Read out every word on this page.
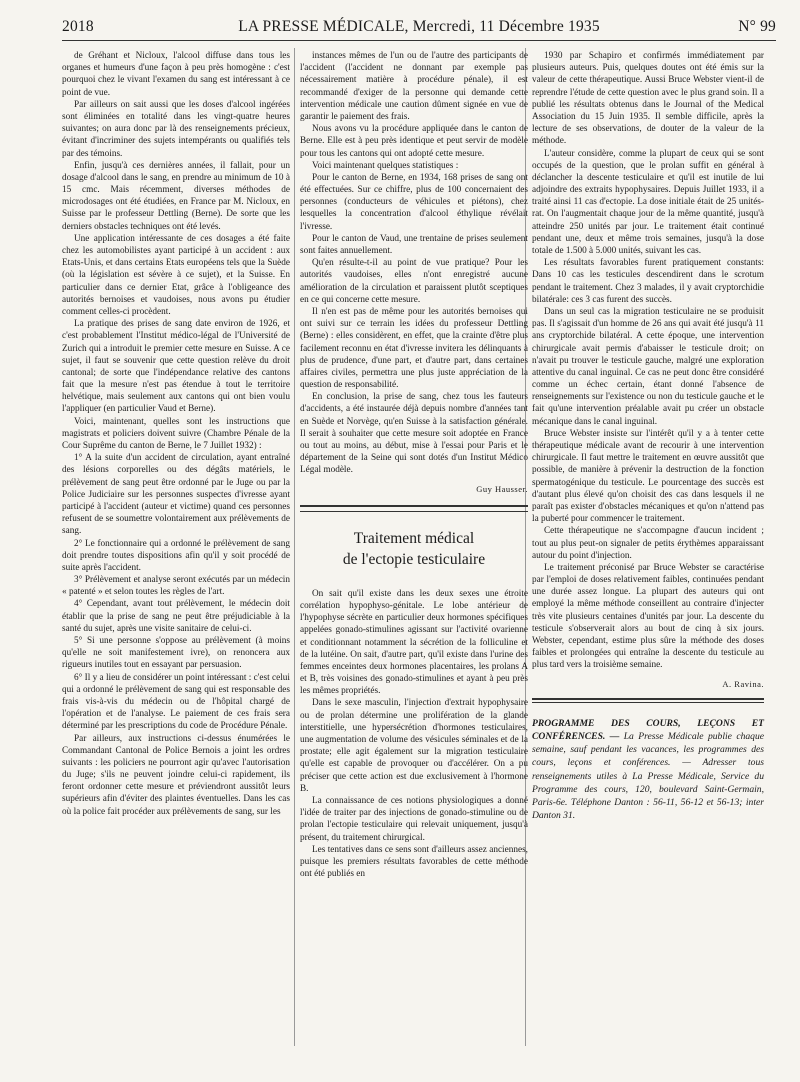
2018	LA PRESSE MÉDICALE, Mercredi, 11 Décembre 1935	N° 99

de Gréhant et Nicloux, l'alcool diffuse dans tous les organes et humeurs d'une façon à peu près homogène : c'est pourquoi chez le vivant l'examen du sang est intéressant à ce point de vue.

Par ailleurs on sait aussi que les doses d'alcool ingérées sont éliminées en totalité dans les vingt-quatre heures suivantes; on aura donc par là des renseignements précieux, évitant d'incriminer des sujets intempérants ou qualifiés tels par des témoins.

Enfin, jusqu'à ces dernières années, il fallait, pour un dosage d'alcool dans le sang, en prendre au minimum de 10 à 15 cmc. Mais récemment, diverses méthodes de microdosages ont été étudiées, en France par M. Nicloux, en Suisse par le professeur Dettling (Berne). De sorte que les derniers obstacles techniques ont été levés.

Une application intéressante de ces dosages a été faite chez les automobilistes ayant participé à un accident : aux Etats-Unis, et dans certains Etats européens tels que la Suède (où la législation est sévère à ce sujet), et la Suisse. En particulier dans ce dernier Etat, grâce à l'obligeance des autorités bernoises et vaudoises, nous avons pu étudier comment celles-ci procèdent.

La pratique des prises de sang date environ de 1926, et c'est probablement l'Institut médico-légal de l'Université de Zurich qui a introduit le premier cette mesure en Suisse. A ce sujet, il faut se souvenir que cette question relève du droit cantonal; de sorte que l'indépendance relative des cantons fait que la mesure n'est pas étendue à tout le territoire helvétique, mais seulement aux cantons qui ont bien voulu l'appliquer (en particulier Vaud et Berne).

Voici, maintenant, quelles sont les instructions que magistrats et policiers doivent suivre (Chambre Pénale de la Cour Suprême du canton de Berne, le 7 Juillet 1932) :

1° A la suite d'un accident de circulation, ayant entraîné des lésions corporelles ou des dégâts matériels, le prélèvement de sang peut être ordonné par le Juge ou par la Police Judiciaire sur les personnes suspectes d'ivresse ayant participé à l'accident (auteur et victime) quand ces personnes refusent de se soumettre volontairement aux prélèvements de sang.

2° Le fonctionnaire qui a ordonné le prélèvement de sang doit prendre toutes dispositions afin qu'il y soit procédé de suite après l'accident.

3° Prélèvement et analyse seront exécutés par un médecin « patenté » et selon toutes les règles de l'art.

4° Cependant, avant tout prélèvement, le médecin doit établir que la prise de sang ne peut être préjudiciable à la santé du sujet, après une visite sanitaire de celui-ci.

5° Si une personne s'oppose au prélèvement (à moins qu'elle ne soit manifestement ivre), on renoncera aux rigueurs inutiles tout en essayant par persuasion.

6° Il y a lieu de considérer un point intéressant : c'est celui qui a ordonné le prélèvement de sang qui est responsable des frais vis-à-vis du médecin ou de l'hôpital chargé de l'opération et de l'analyse. Le paiement de ces frais sera déterminé par les prescriptions du code de Procédure Pénale.

Par ailleurs, aux instructions ci-dessus énumérées le Commandant Cantonal de Police Bernois a joint les ordres suivants : les policiers ne pourront agir qu'avec l'autorisation du Juge; s'ils ne peuvent joindre celui-ci rapidement, ils feront ordonner cette mesure et préviendront aussitôt leurs supérieurs afin d'éviter des plaintes éventuelles. Dans les cas où la police fait procéder aux prélèvements de sang, sur les

instances mêmes de l'un ou de l'autre des participants de l'accident (l'accident ne donnant par exemple pas nécessairement matière à procédure pénale), il est recommandé d'exiger de la personne qui demande cette intervention médicale une caution dûment signée en vue de garantir le paiement des frais.

Nous avons vu la procédure appliquée dans le canton de Berne. Elle est à peu près identique et peut servir de modèle pour tous les cantons qui ont adopté cette mesure.

Voici maintenant quelques statistiques :

Pour le canton de Berne, en 1934, 168 prises de sang ont été effectuées. Sur ce chiffre, plus de 100 concernaient des personnes (conducteurs de véhicules et piétons), chez lesquelles la concentration d'alcool éthylique révélait l'ivresse.

Pour le canton de Vaud, une trentaine de prises seulement sont faites annuellement.

Qu'en résulte-t-il au point de vue pratique? Pour les autorités vaudoises, elles n'ont enregistré aucune amélioration de la circulation et paraissent plutôt sceptiques en ce qui concerne cette mesure.

Il n'en est pas de même pour les autorités bernoises qui ont suivi sur ce terrain les idées du professeur Dettling (Berne) : elles considèrent, en effet, que la crainte d'être plus facilement reconnu en état d'ivresse invitera les délinquants à plus de prudence, d'une part, et d'autre part, dans certaines affaires civiles, permettra une plus juste appréciation de la question de responsabilité.

En conclusion, la prise de sang, chez tous les fauteurs d'accidents, a été instaurée déjà depuis nombre d'années tant en Suède et Norvège, qu'en Suisse à la satisfaction générale. Il serait à souhaiter que cette mesure soit adoptée en France ou tout au moins, au début, mise à l'essai pour Paris et le département de la Seine qui sont dotés d'un Institut Médico Légal modèle.

Guy Hausser.

Traitement médical
de l'ectopie testiculaire

On sait qu'il existe dans les deux sexes une étroite corrélation hypophyso-génitale. Le lobe antérieur de l'hypophyse sécrète en particulier deux hormones spécifiques appelées gonado-stimulines agissant sur l'activité ovarienne et conditionnant notamment la sécrétion de la folliculine et de la lutéine. On sait, d'autre part, qu'il existe dans l'urine des femmes enceintes deux hormones placentaires, les prolans A et B, très voisines des gonado-stimulines et ayant à peu près les mêmes propriétés.

Dans le sexe masculin, l'injection d'extrait hypophysaire ou de prolan détermine une prolifération de la glande interstitielle, une hypersécrétion d'hormones testiculaires, une augmentation de volume des vésicules séminales et de la prostate; elle agit également sur la migration testiculaire qu'elle est capable de provoquer ou d'accélérer. On a pu préciser que cette action est due exclusivement à l'hormone B.

La connaissance de ces notions physiologiques a donné l'idée de traiter par des injections de gonado-stimuline ou de prolan l'ectopie testiculaire qui relevait uniquement, jusqu'à présent, du traitement chirurgical.

Les tentatives dans ce sens sont d'ailleurs assez anciennes, puisque les premiers résultats favorables de cette méthode ont été publiés en

1930 par Schapiro et confirmés immédiatement par plusieurs auteurs. Puis, quelques doutes ont été émis sur la valeur de cette thérapeutique. Aussi Bruce Webster vient-il de reprendre l'étude de cette question avec le plus grand soin. Il a publié les résultats obtenus dans le Journal of the Medical Association du 15 Juin 1935. Il semble difficile, après la lecture de ses observations, de douter de la valeur de la méthode.

L'auteur considère, comme la plupart de ceux qui se sont occupés de la question, que le prolan suffit en général à déclancher la descente testiculaire et qu'il est inutile de lui adjoindre des extraits hypophysaires. Depuis Juillet 1933, il a traité ainsi 11 cas d'ectopie. La dose initiale était de 25 unités-rat. On l'augmentait chaque jour de la même quantité, jusqu'à atteindre 250 unités par jour. Le traitement était continué pendant une, deux et même trois semaines, jusqu'à la dose totale de 1.500 à 5.000 unités, suivant les cas.

Les résultats favorables furent pratiquement constants: Dans 10 cas les testicules descendirent dans le scrotum pendant le traitement. Chez 3 malades, il y avait cryptorchidie bilatérale: ces 3 cas furent des succès.

Dans un seul cas la migration testiculaire ne se produisit pas. Il s'agissait d'un homme de 26 ans qui avait été jusqu'à 11 ans cryptorchide bilatéral. A cette époque, une intervention chirurgicale avait permis d'abaisser le testicule droit; on n'avait pu trouver le testicule gauche, malgré une exploration attentive du canal inguinal. Ce cas ne peut donc être considéré comme un échec certain, étant donné l'absence de renseignements sur l'existence ou non du testicule gauche et le fait qu'une intervention préalable avait pu créer un obstacle mécanique dans le canal inguinal.

Bruce Webster insiste sur l'intérêt qu'il y a à tenter cette thérapeutique médicale avant de recourir à une intervention chirurgicale. Il faut mettre le traitement en œuvre aussitôt que possible, de manière à prévenir la destruction de la fonction spermatogénique du testicule. Le pourcentage des succès est d'autant plus élevé qu'on choisit des cas dans lesquels il ne paraît pas exister d'obstacles mécaniques et qu'on n'attend pas la puberté pour commencer le traitement.

Cette thérapeutique ne s'accompagne d'aucun incident ; tout au plus peut-on signaler de petits érythèmes apparaissant autour du point d'injection.

Le traitement préconisé par Bruce Webster se caractérise par l'emploi de doses relativement faibles, continuées pendant une durée assez longue. La plupart des auteurs qui ont employé la même méthode conseillent au contraire d'injecter très vite plusieurs centaines d'unités par jour. La descente du testicule s'observerait alors au bout de cinq à six jours. Webster, cependant, estime plus sûre la méthode des doses faibles et prolongées qui entraîne la descente du testicule au plus tard vers la troisième semaine.

A. Ravina.

PROGRAMME DES COURS, LEÇONS ET CONFÉRENCES. — La Presse Médicale publie chaque semaine, sauf pendant les vacances, les programmes des cours, leçons et conférences. — Adresser tous renseignements utiles à La Presse Médicale, Service du Programme des cours, 120, boulevard Saint-Germain, Paris-6e. Téléphone Danton : 56-11, 56-12 et 56-13; inter Danton 31.
